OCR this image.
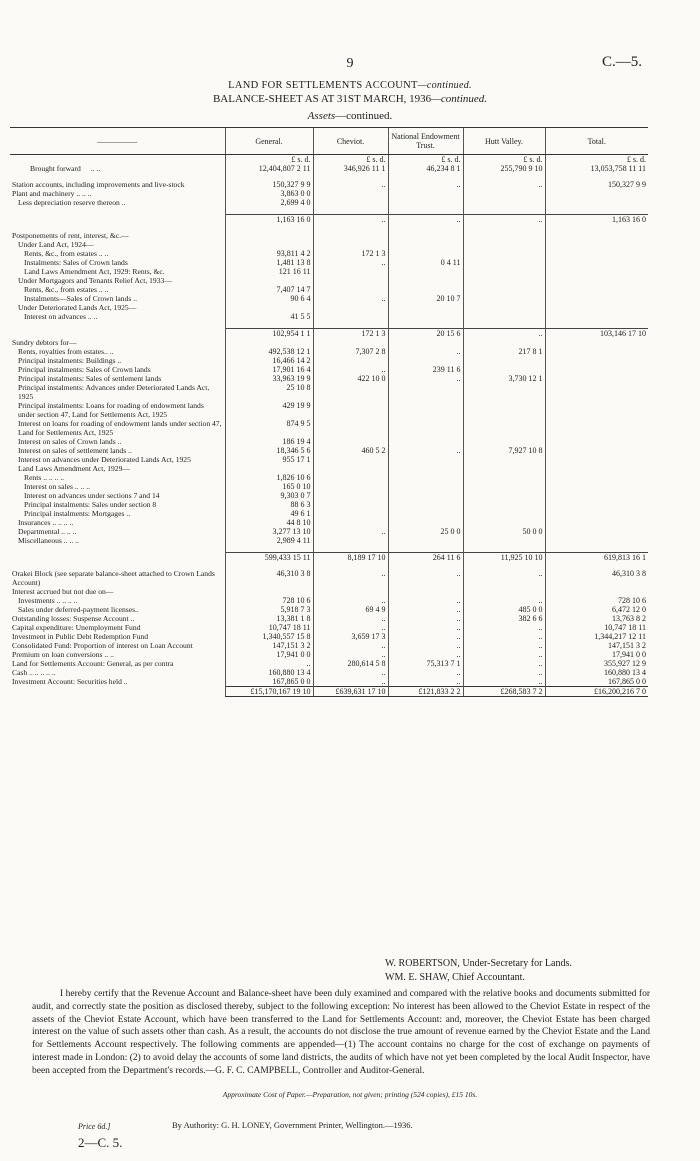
9	C.—5.
LAND FOR SETTLEMENTS ACCOUNT—continued.
BALANCE-SHEET AS AT 31ST MARCH, 1936—continued.
Assets—continued.
—————	General.	Cheviot.	National Endowment Trust.	Hutt Valley.	Total.
	£ s. d.	£ s. d.	£ s. d.	£ s. d.	£ s. d.
Brought forward .. ..	12,404,807 2 11	346,926 11 1	46,234 8 1	255,790 9 10	13,053,758 11 11

Station accounts, including improvements and live-stock	150,327 9 9	..	..	..	150,327 9 9
Plant and machinery .. .. ..	3,863 0 0				
Less depreciation reserve thereon ..	2,699 4 0				

	1,163 16 0	..	..	..	1,163 16 0

Postponements of rent, interest, &c.—					
Under Land Act, 1924—					
Rents, &c., from estates .. ..	93,811 4 2	172 1 3			
Instalments: Sales of Crown lands	1,481 13 8	..	0 4 11		
Land Laws Amendment Act, 1929: Rents, &c.	121 16 11				
Under Mortgagors and Tenants Relief Act, 1933—					
Rents, &c., from estates .. ..	7,407 14 7				
Instalments—Sales of Crown lands ..	90 6 4	..	20 10 7		
Under Deteriorated Lands Act, 1925—					
Interest on advances .. ..	41 5 5				

	102,954 1 1	172 1 3	20 15 6	..	103,146 17 10
Sundry debtors for—					
Rents, royalties from estates.. ..	492,538 12 1	7,307 2 8	..	217 8 1	
Principal instalments: Buildings ..	16,466 14 2				
Principal instalments: Sales of Crown lands	17,901 16 4	..	239 11 6		
Principal instalments: Sales of settlement lands	33,963 19 9	422 10 0	..	3,730 12 1	
Principal instalments: Advances under Deteriorated Lands Act, 1925	25 10 8				
Principal instalments: Loans for roading of endowment lands under section 47, Land for Settlements Act, 1925	429 19 9				
Interest on loans for roading of endowment lands under section 47, Land for Settlements Act, 1925	874 9 5				
Interest on sales of Crown lands ..	186 19 4				
Interest on sales of settlement lands ..	18,346 5 6	460 5 2	..	7,927 10 8	
Interest on advances under Deteriorated Lands Act, 1925	955 17 1				
Land Laws Amendment Act, 1929—					
Rents .. .. .. ..	1,826 10 6				
Interest on sales .. .. ..	165 0 10				
Interest on advances under sections 7 and 14	9,303 0 7				
Principal instalments: Sales under section 8	88 6 3				
Principal instalments: Mortgages ..	49 6 1				
Insurances .. .. .. ..	44 8 10				
Departmental .. .. ..	3,277 13 10	..	25 0 0	50 0 0	
Miscellaneous .. .. ..	2,989 4 11				

	599,433 15 11	8,189 17 10	264 11 6	11,925 10 10	619,813 16 1

Orakei Block (see separate balance-sheet attached to Crown Lands Account)	46,310 3 8	..	..	..	46,310 3 8
Interest accrued but not due on—					
Investments .. .. .. ..	728 10 6	..	..	..	728 10 6
Sales under deferred-payment licenses..	5,918 7 3	69 4 9	..	485 0 0	6,472 12 0
Outstanding losses: Suspense Account ..	13,381 1 8	..	..	382 6 6	13,763 8 2
Capital expenditure: Unemployment Fund	10,747 18 11	..	..	..	10,747 18 11
Investment in Public Debt Redemption Fund	1,340,557 15 8	3,659 17 3	..	..	1,344,217 12 11
Consolidated Fund: Proportion of interest on Loan Account	147,151 3 2	..	..	..	147,151 3 2
Premium on loan conversions .. ..	17,941 0 0	..	..	..	17,941 0 0
Land for Settlements Account: General, as per contra	..	280,614 5 8	75,313 7 1	..	355,927 12 9
Cash .. .. .. .. ..	160,880 13 4	..	..	..	160,880 13 4
Investment Account: Securities held ..	167,865 0 0	..	..	..	167,865 0 0
	£15,170,167 19 10	£639,631 17 10	£121,833 2 2	£268,583 7 2	£16,200,216 7 0
W. ROBERTSON, Under-Secretary for Lands.
WM. E. SHAW, Chief Accountant.
I hereby certify that the Revenue Account and Balance-sheet have been duly examined and compared with the relative books and documents submitted for audit, and correctly state the position as disclosed thereby, subject to the following exception: No interest has been allowed to the Cheviot Estate in respect of the assets of the Cheviot Estate Account, which have been transferred to the Land for Settlements Account: and, moreover, the Cheviot Estate has been charged interest on the value of such assets other than cash. As a result, the accounts do not disclose the true amount of revenue earned by the Cheviot Estate and the Land for Settlements Account respectively. The following comments are appended—(1) The account contains no charge for the cost of exchange on payments of interest made in London: (2) to avoid delay the accounts of some land districts, the audits of which have not yet been completed by the local Audit Inspector, have been accepted from the Department's records.—G. F. C. CAMPBELL, Controller and Auditor-General.
Approximate Cost of Paper.—Preparation, not given; printing (524 copies), £15 10s.
Price 6d.]	By Authority: G. H. LONEY, Government Printer, Wellington.—1936.
2—C. 5.
